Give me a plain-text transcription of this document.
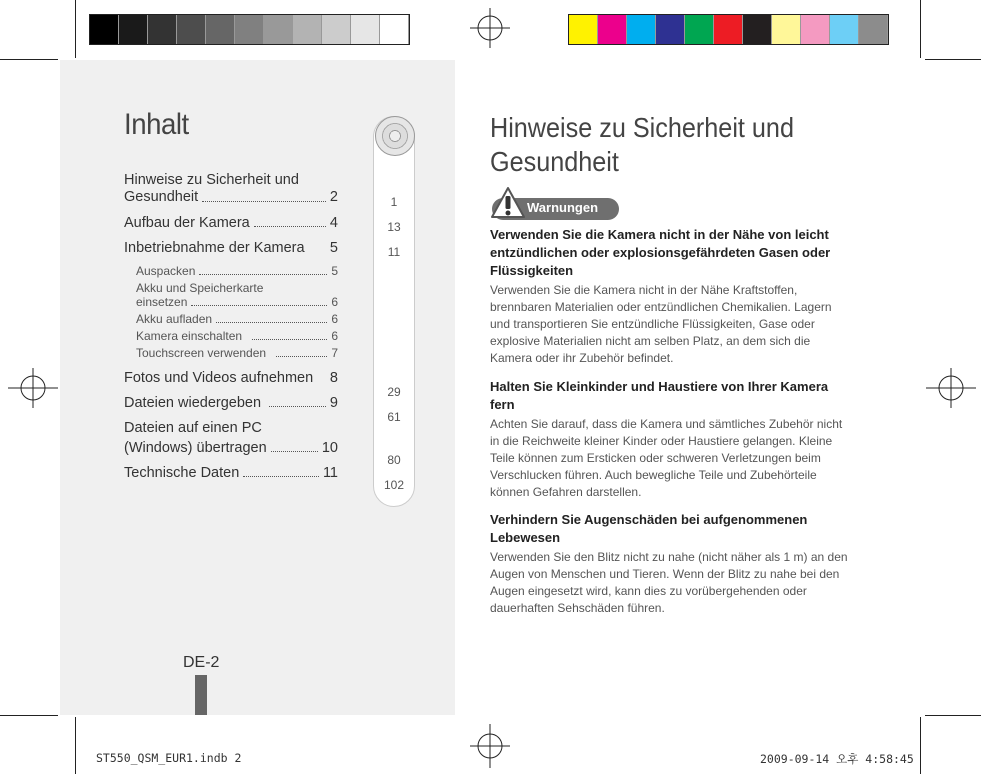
Inhalt
Hinweise zu Sicherheit und
Gesundheit	2
Aufbau der Kamera	4
Inbetriebnahme der Kamera 5
Auspacken	5
Akku und Speicherkarte
einsetzen	6
Akku aufladen	6
Kamera einschalten	6
Touchscreen verwenden	7
Fotos und Videos aufnehmen 8
Dateien wiedergeben	9
Dateien auf einen PC
(Windows) übertragen	10
Technische Daten	11
1
13
11
29
61
80
102
DE-2
Hinweise zu Sicherheit und Gesundheit
Warnungen
Verwenden Sie die Kamera nicht in der Nähe von leicht entzündlichen oder explosionsgefährdeten Gasen oder Flüssigkeiten
Verwenden Sie die Kamera nicht in der Nähe Kraftstoffen, brennbaren Materialien oder entzündlichen Chemikalien. Lagern und transportieren Sie entzündliche Flüssigkeiten, Gase oder explosive Materialien nicht am selben Platz, an dem sich die Kamera oder ihr Zubehör befindet.
Halten Sie Kleinkinder und Haustiere von Ihrer Kamera fern
Achten Sie darauf, dass die Kamera und sämtliches Zubehör nicht in die Reichweite kleiner Kinder oder Haustiere gelangen. Kleine Teile können zum Ersticken oder schweren Verletzungen beim Verschlucken führen. Auch bewegliche Teile und Zubehörteile können Gefahren darstellen.
Verhindern Sie Augenschäden bei aufgenommenen Lebewesen
Verwenden Sie den Blitz nicht zu nahe (nicht näher als 1 m) an den Augen von Menschen und Tieren. Wenn der Blitz zu nahe bei den Augen eingesetzt wird, kann dies zu vorübergehenden oder dauerhaften Sehschäden führen.
ST550_QSM_EUR1.indb 2	2009-09-14 오후 4:58:45
